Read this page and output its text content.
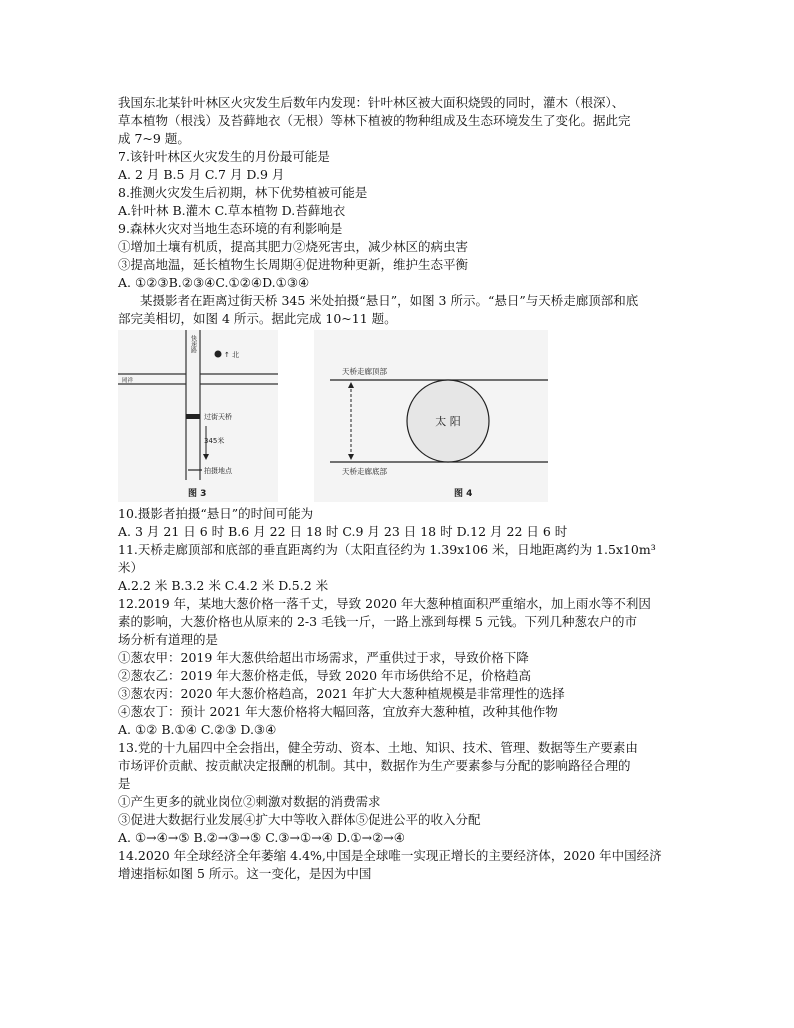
我国东北某针叶林区火灾发生后数年内发现：针叶林区被大面积烧毁的同时，灌木（根深）、
草本植物（根浅）及苔藓地衣（无根）等林下植被的物种组成及生态环境发生了变化。据此完
成 7~9 题。
7.该针叶林区火灾发生的月份最可能是
A. 2 月 B.5 月 C.7 月 D.9 月
8.推测火灾发生后初期，林下优势植被可能是
A.针叶林 B.灌木 C.草本植物 D.苔藓地衣
9.森林火灾对当地生态环境的有利影响是
①增加土壤有机质，提高其肥力②烧死害虫，减少林区的病虫害
③提高地温，延长植物生长周期④促进物种更新，维护生态平衡
A. ①②③B.②③④C.①②④D.①③④
某摄影者在距离过街天桥 345 米处拍摄“悬日”，如图 3 所示。“悬日”与天桥走廊顶部和底
部完美相切，如图 4 所示。据此完成 10~11 题。
快速路
岡祥
↑ 北
过街天桥
345米
拍摄地点
图 3
天桥走廊顶部
天桥走廊底部
太 阳
图 4
10.摄影者拍摄“悬日”的时间可能为
A. 3 月 21 日 6 时 B.6 月 22 日 18 时 C.9 月 23 日 18 时 D.12 月 22 日 6 时
11.天桥走廊顶部和底部的垂直距离约为（太阳直径约为 1.39x106 米，日地距离约为 1.5x10m³
米）
A.2.2 米 B.3.2 米 C.4.2 米 D.5.2 米
12.2019 年，某地大葱价格一落千丈，导致 2020 年大葱种植面积严重缩水，加上雨水等不利因
素的影响，大葱价格也从原来的 2-3 毛钱一斤，一路上涨到每棵 5 元钱。下列几种葱农户的市
场分析有道理的是
①葱农甲：2019 年大葱供给超出市场需求，严重供过于求，导致价格下降
②葱农乙：2019 年大葱价格走低，导致 2020 年市场供给不足，价格趋高
③葱农丙：2020 年大葱价格趋高，2021 年扩大大葱种植规模是非常理性的选择
④葱农丁：预计 2021 年大葱价格将大幅回落，宜放弃大葱种植，改种其他作物
A. ①② B.①④ C.②③ D.③④
13.党的十九届四中全会指出，健全劳动、资本、土地、知识、技术、管理、数据等生产要素由
市场评价贡献、按贡献决定报酬的机制。其中，数据作为生产要素参与分配的影响路径合理的
是
①产生更多的就业岗位②刺激对数据的消费需求
③促进大数据行业发展④扩大中等收入群体⑤促进公平的收入分配
A. ①→④→⑤ B.②→③→⑤ C.③→①→④ D.①→②→④
14.2020 年全球经济全年萎缩 4.4%,中国是全球唯一实现正增长的主要经济体，2020 年中国经济
增速指标如图 5 所示。这一变化，是因为中国
